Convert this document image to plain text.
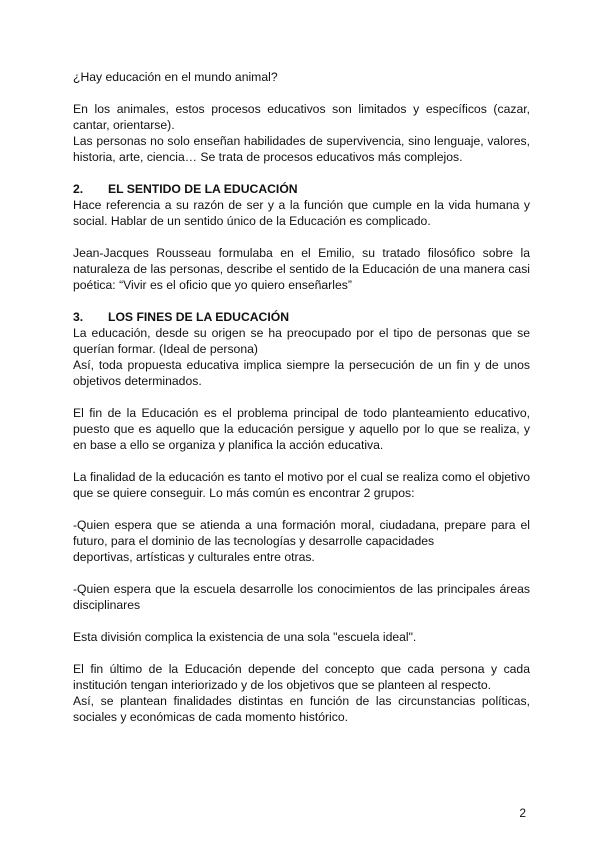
¿Hay educación en el mundo animal?

En los animales, estos procesos educativos son limitados y específicos (cazar, cantar, orientarse).

Las personas no solo enseñan habilidades de supervivencia, sino lenguaje, valores, historia, arte, ciencia… Se trata de procesos educativos más complejos.

2.	EL SENTIDO DE LA EDUCACIÓN

Hace referencia a su razón de ser y a la función que cumple en la vida humana y social. Hablar de un sentido único de la Educación es complicado.

Jean-Jacques Rousseau formulaba en el Emilio, su tratado filosófico sobre la naturaleza de las personas, describe el sentido de la Educación de una manera casi poética: “Vivir es el oficio que yo quiero enseñarles”

3.	LOS FINES DE LA EDUCACIÓN

La educación, desde su origen se ha preocupado por el tipo de personas que se querían formar. (Ideal de persona)

Así, toda propuesta educativa implica siempre la persecución de un fin y de unos objetivos determinados.

El fin de la Educación es el problema principal de todo planteamiento educativo, puesto que es aquello que la educación persigue y aquello por lo que se realiza, y en base a ello se organiza y planifica la acción educativa.

La finalidad de la educación es tanto el motivo por el cual se realiza como el objetivo que se quiere conseguir. Lo más común es encontrar 2 grupos:

-Quien espera que se atienda a una formación moral, ciudadana, prepare para el

futuro, para el dominio de las tecnologías y desarrolle capacidades

deportivas, artísticas y culturales entre otras.

-Quien espera que la escuela desarrolle los conocimientos de las principales áreas disciplinares

Esta división complica la existencia de una sola "escuela ideal".

El fin último de la Educación depende del concepto que cada persona y cada institución tengan interiorizado y de los objetivos que se planteen al respecto.

Así, se plantean finalidades distintas en función de las circunstancias políticas, sociales y económicas de cada momento histórico.

2
